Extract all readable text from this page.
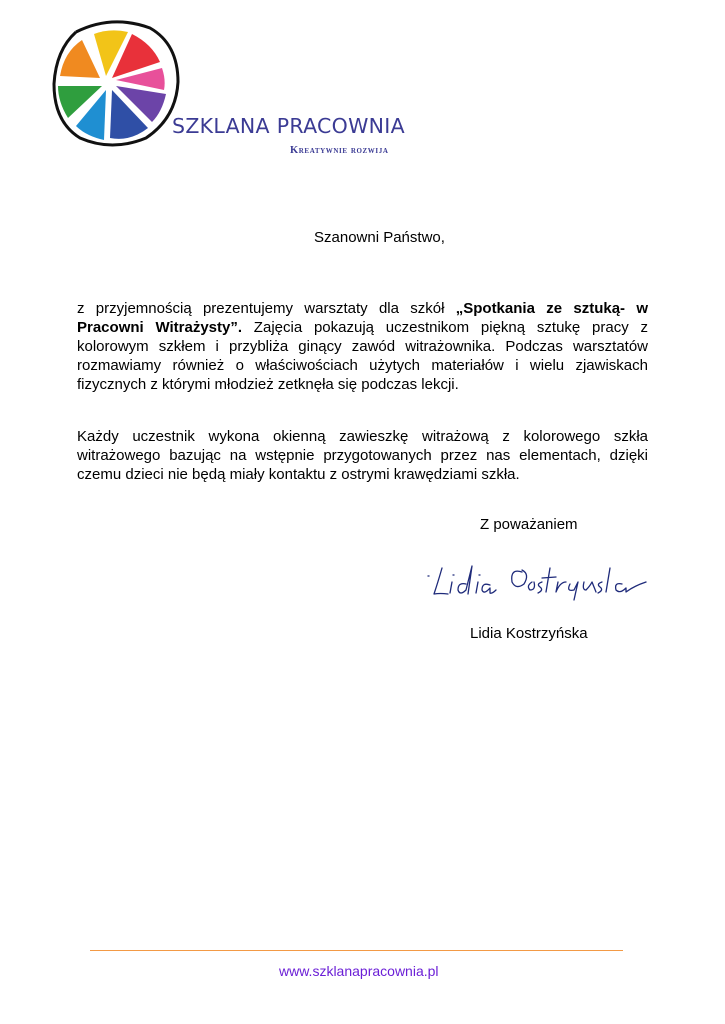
SZKLANA PRACOWNIA
Kreatywnie rozwija
Szanowni Państwo,

z przyjemnością prezentujemy warsztaty dla szkół „Spotkania ze sztuką- w Pracowni Witrażysty”. Zajęcia pokazują uczestnikom piękną sztukę pracy z kolorowym szkłem i przybliża ginący zawód witrażownika. Podczas warsztatów rozmawiamy również o właściwościach użytych materiałów i wielu zjawiskach fizycznych z którymi młodzież zetknęła się podczas lekcji.

Każdy uczestnik wykona okienną zawieszkę witrażową z kolorowego szkła witrażowego bazując na wstępnie przygotowanych przez nas elementach, dzięki czemu dzieci nie będą miały kontaktu z ostrymi krawędziami szkła.

Z poważaniem
Lidia Kostrzyńska
www.szklanapracownia.pl
